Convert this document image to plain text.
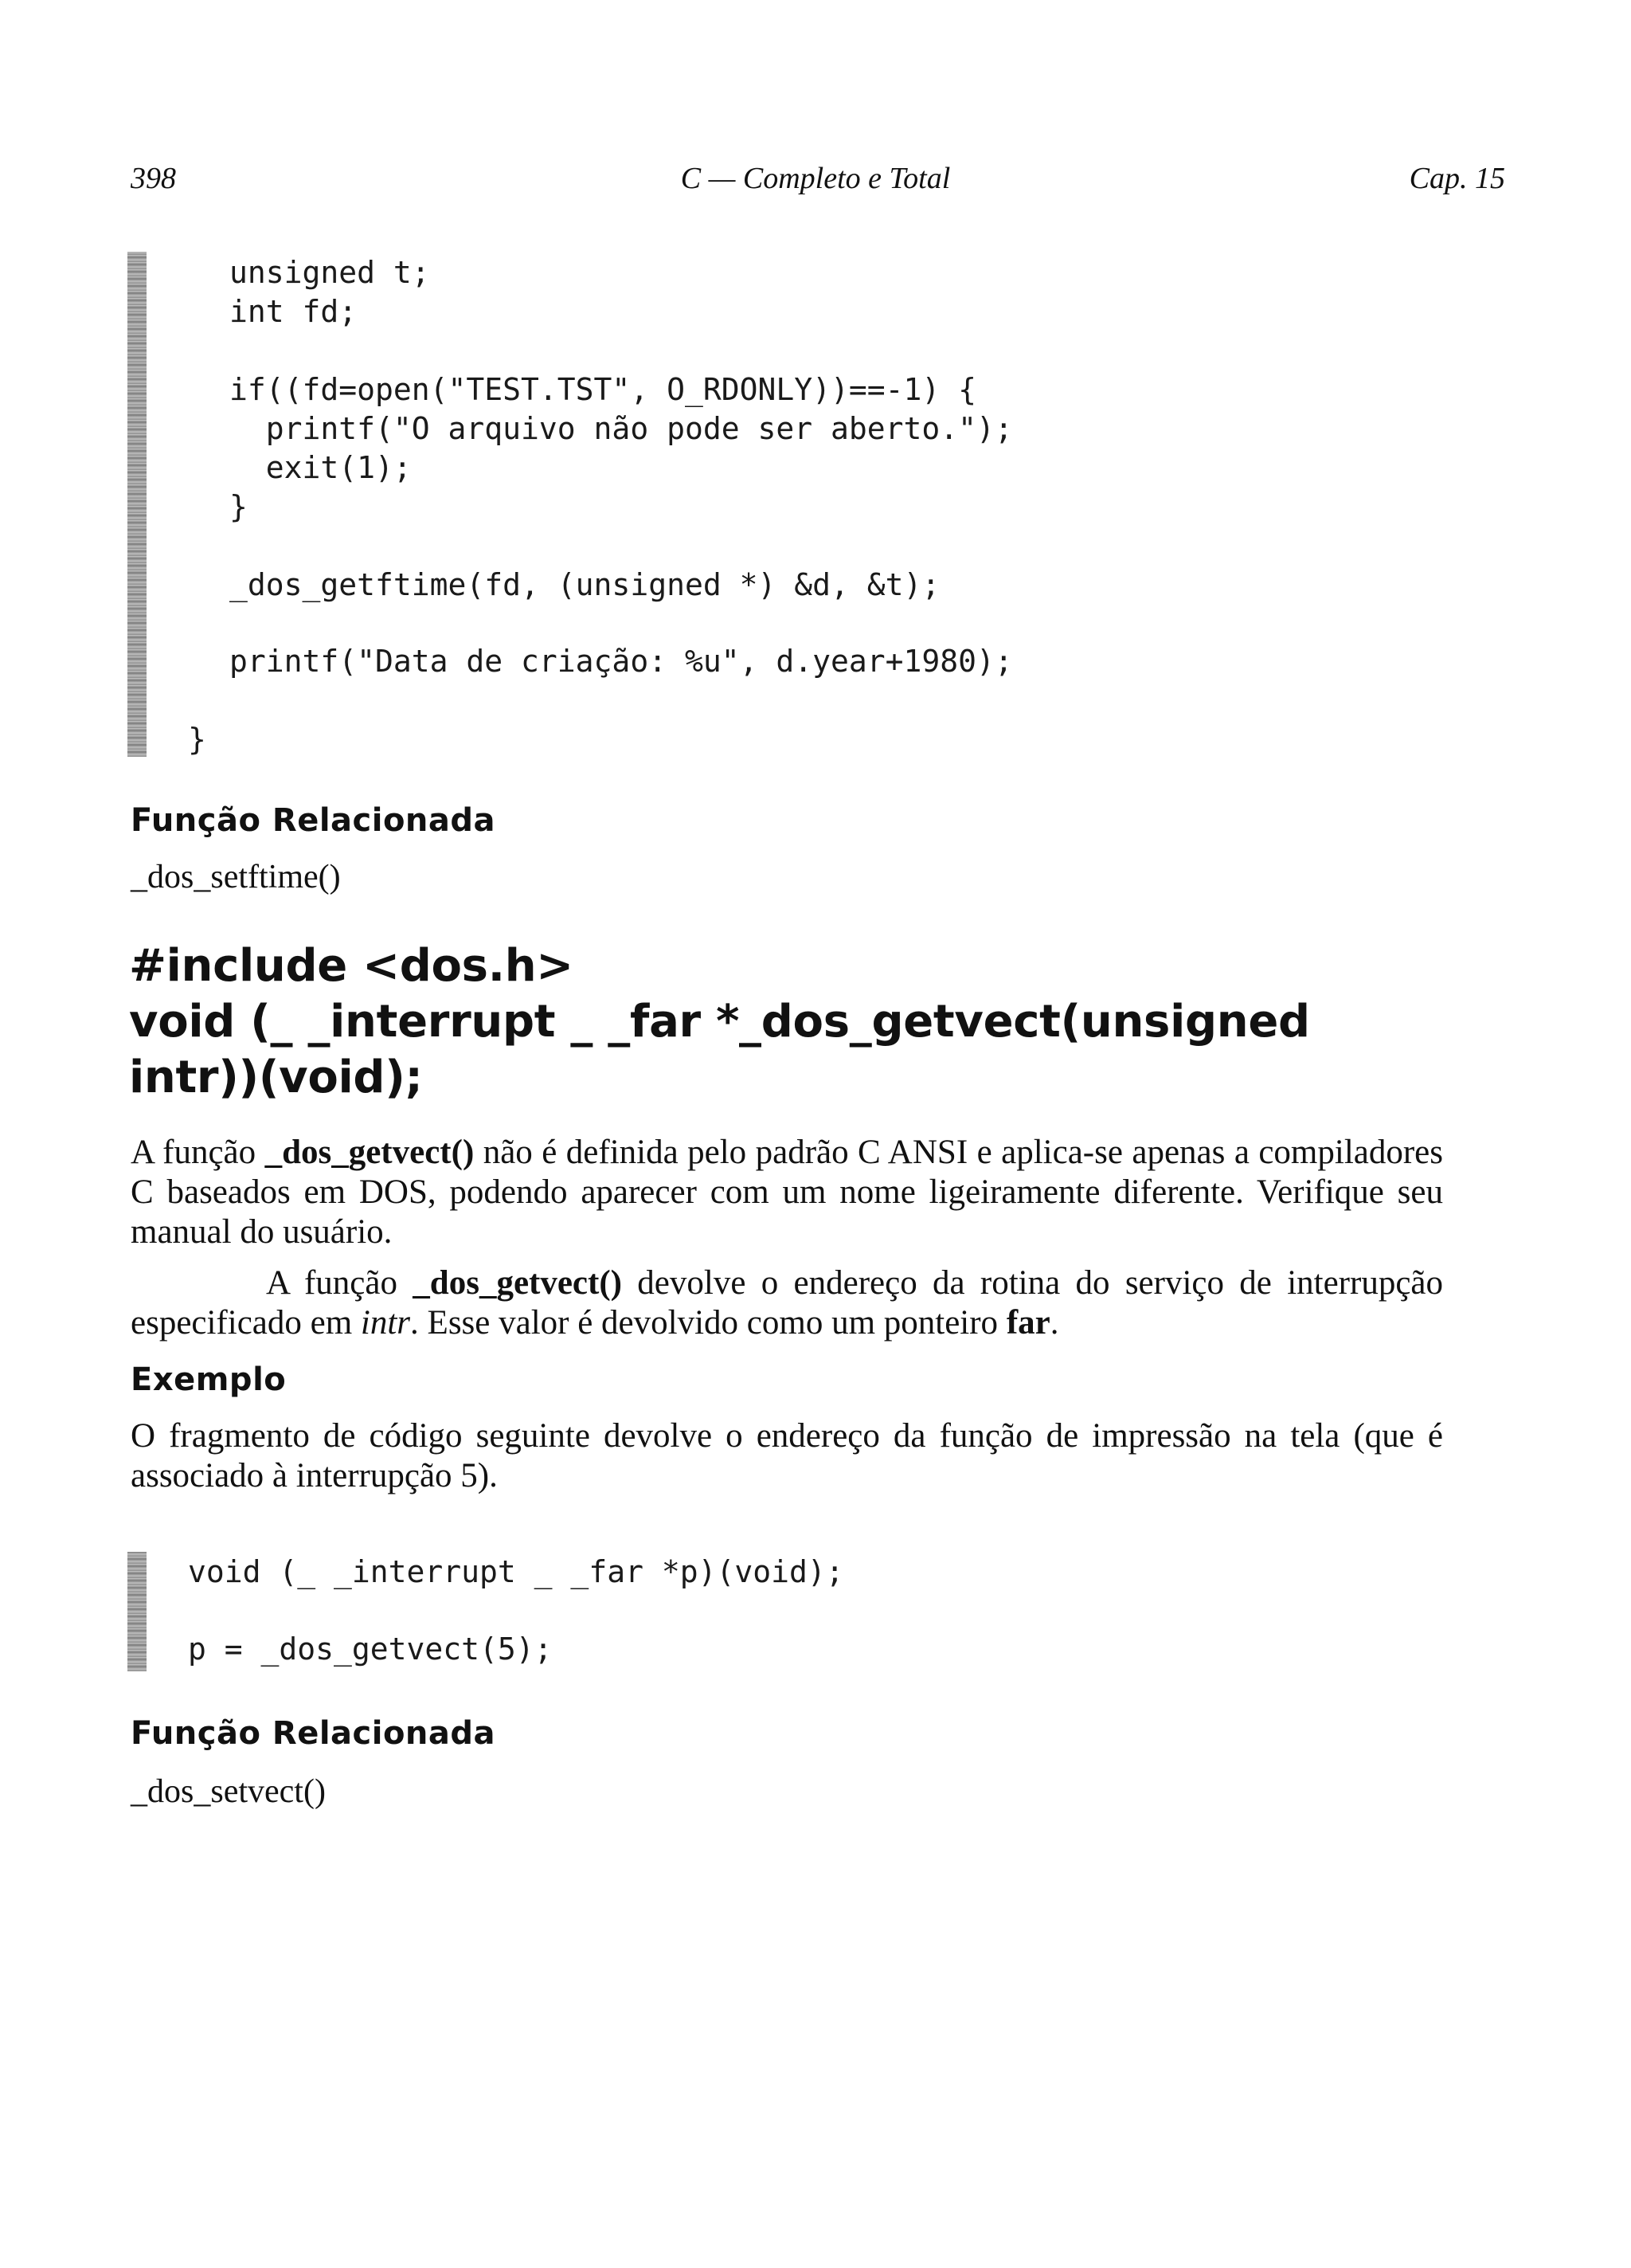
398	C — Completo e Total	Cap. 15

unsigned t;

int fd;

if((fd=open("TEST.TST", O_RDONLY))==-1) {

printf("O arquivo não pode ser aberto.");

exit(1);

}

_dos_getftime(fd, (unsigned *) &d, &t);

printf("Data de criação: %u", d.year+1980);

}

Função Relacionada
_dos_setftime()
#include <dos.h>
void (_ _interrupt _ _far *_dos_getvect(unsigned
intr))(void);

A função _dos_getvect() não é definida pelo padrão C ANSI e aplica-se apenas a compiladores C baseados em DOS, podendo aparecer com um nome ligeiramente diferente. Verifique seu manual do usuário.

A função _dos_getvect() devolve o endereço da rotina do serviço de interrupção especificado em intr. Esse valor é devolvido como um ponteiro far.

Exemplo

O fragmento de código seguinte devolve o endereço da função de impressão na tela (que é associado à interrupção 5).

void (_ _interrupt _ _far *p)(void);

p = _dos_getvect(5);

Função Relacionada
_dos_setvect()
